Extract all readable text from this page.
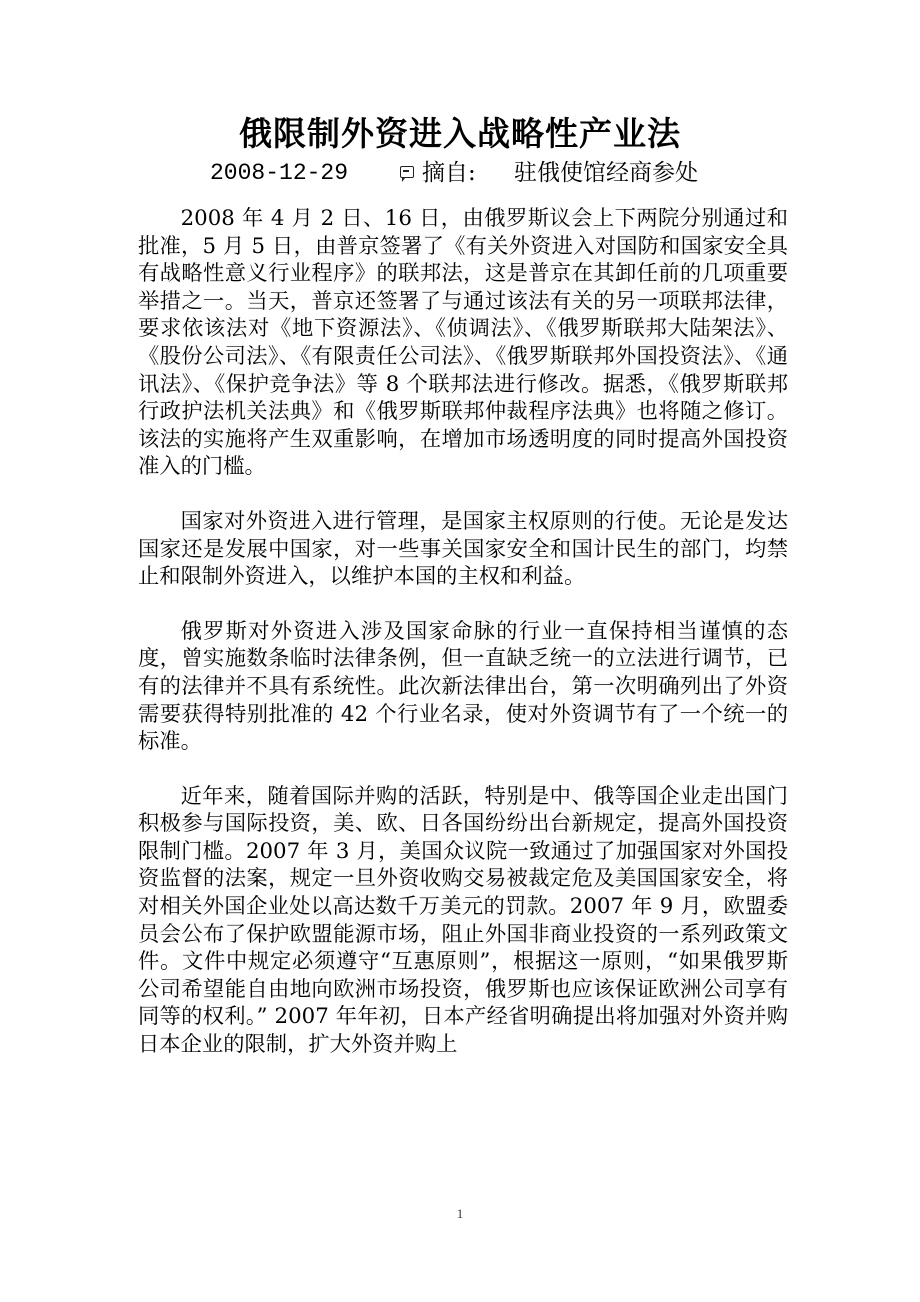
俄限制外资进入战略性产业法
2008-12-29	摘自: 驻俄使馆经商参处

2008 年 4 月 2 日、16 日，由俄罗斯议会上下两院分别通过和批准，5 月 5 日，由普京签署了《有关外资进入对国防和国家安全具有战略性意义行业程序》的联邦法，这是普京在其卸任前的几项重要举措之一。当天，普京还签署了与通过该法有关的另一项联邦法律，要求依该法对《地下资源法》、《侦调法》、《俄罗斯联邦大陆架法》、《股份公司法》、《有限责任公司法》、《俄罗斯联邦外国投资法》、《通讯法》、《保护竞争法》等 8 个联邦法进行修改。据悉，《俄罗斯联邦行政护法机关法典》和《俄罗斯联邦仲裁程序法典》也将随之修订。该法的实施将产生双重影响，在增加市场透明度的同时提高外国投资准入的门槛。

国家对外资进入进行管理，是国家主权原则的行使。无论是发达国家还是发展中国家，对一些事关国家安全和国计民生的部门，均禁止和限制外资进入，以维护本国的主权和利益。

俄罗斯对外资进入涉及国家命脉的行业一直保持相当谨慎的态度，曾实施数条临时法律条例，但一直缺乏统一的立法进行调节，已有的法律并不具有系统性。此次新法律出台，第一次明确列出了外资需要获得特别批准的 42 个行业名录，使对外资调节有了一个统一的标准。

近年来，随着国际并购的活跃，特别是中、俄等国企业走出国门积极参与国际投资，美、欧、日各国纷纷出台新规定，提高外国投资限制门槛。2007 年 3 月，美国众议院一致通过了加强国家对外国投资监督的法案，规定一旦外资收购交易被裁定危及美国国家安全，将对相关外国企业处以高达数千万美元的罚款。2007 年 9 月，欧盟委员会公布了保护欧盟能源市场，阻止外国非商业投资的一系列政策文件。文件中规定必须遵守“互惠原则”，根据这一原则，“如果俄罗斯公司希望能自由地向欧洲市场投资，俄罗斯也应该保证欧洲公司享有同等的权利。” 2007 年年初，日本产经省明确提出将加强对外资并购日本企业的限制，扩大外资并购上

1
